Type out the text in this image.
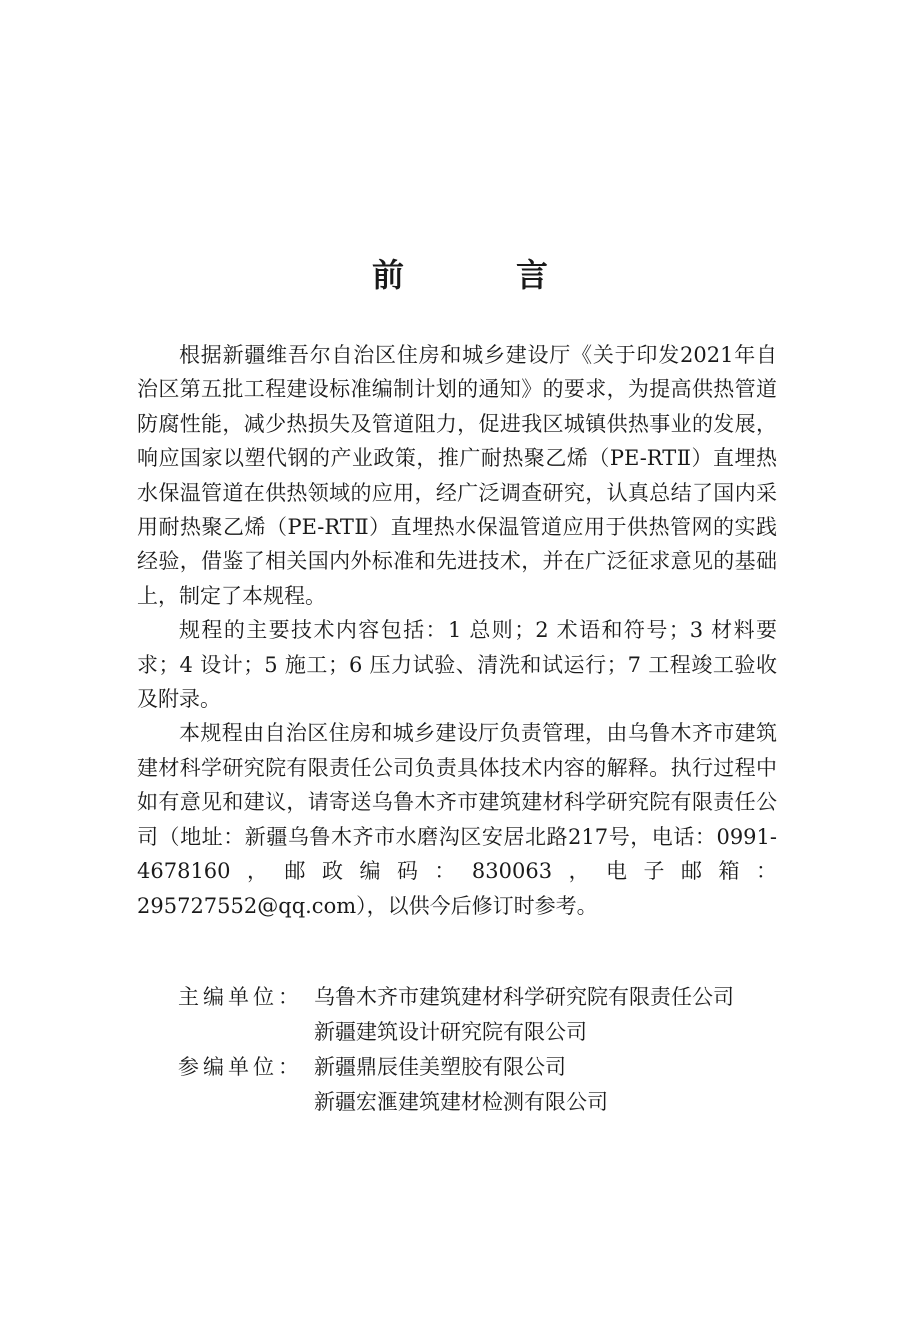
前　言

根据新疆维吾尔自治区住房和城乡建设厅《关于印发2021年自治区第五批工程建设标准编制计划的通知》的要求，为提高供热管道防腐性能，减少热损失及管道阻力，促进我区城镇供热事业的发展，响应国家以塑代钢的产业政策，推广耐热聚乙烯（PE-RTⅡ）直埋热水保温管道在供热领域的应用，经广泛调查研究，认真总结了国内采用耐热聚乙烯（PE-RTⅡ）直埋热水保温管道应用于供热管网的实践经验，借鉴了相关国内外标准和先进技术，并在广泛征求意见的基础上，制定了本规程。

规程的主要技术内容包括：1 总则；2 术语和符号；3 材料要求；4 设计；5 施工；6 压力试验、清洗和试运行；7 工程竣工验收及附录。

本规程由自治区住房和城乡建设厅负责管理，由乌鲁木齐市建筑建材科学研究院有限责任公司负责具体技术内容的解释。执行过程中如有意见和建议，请寄送乌鲁木齐市建筑建材科学研究院有限责任公司（地址：新疆乌鲁木齐市水磨沟区安居北路217号，电话：0991-4678160，邮政编码：830063，电子邮箱：295727552@qq.com），以供今后修订时参考。

主编单位： 乌鲁木齐市建筑建材科学研究院有限责任公司
新疆建筑设计研究院有限公司
参编单位： 新疆鼎辰佳美塑胶有限公司
新疆宏滙建筑建材检测有限公司
